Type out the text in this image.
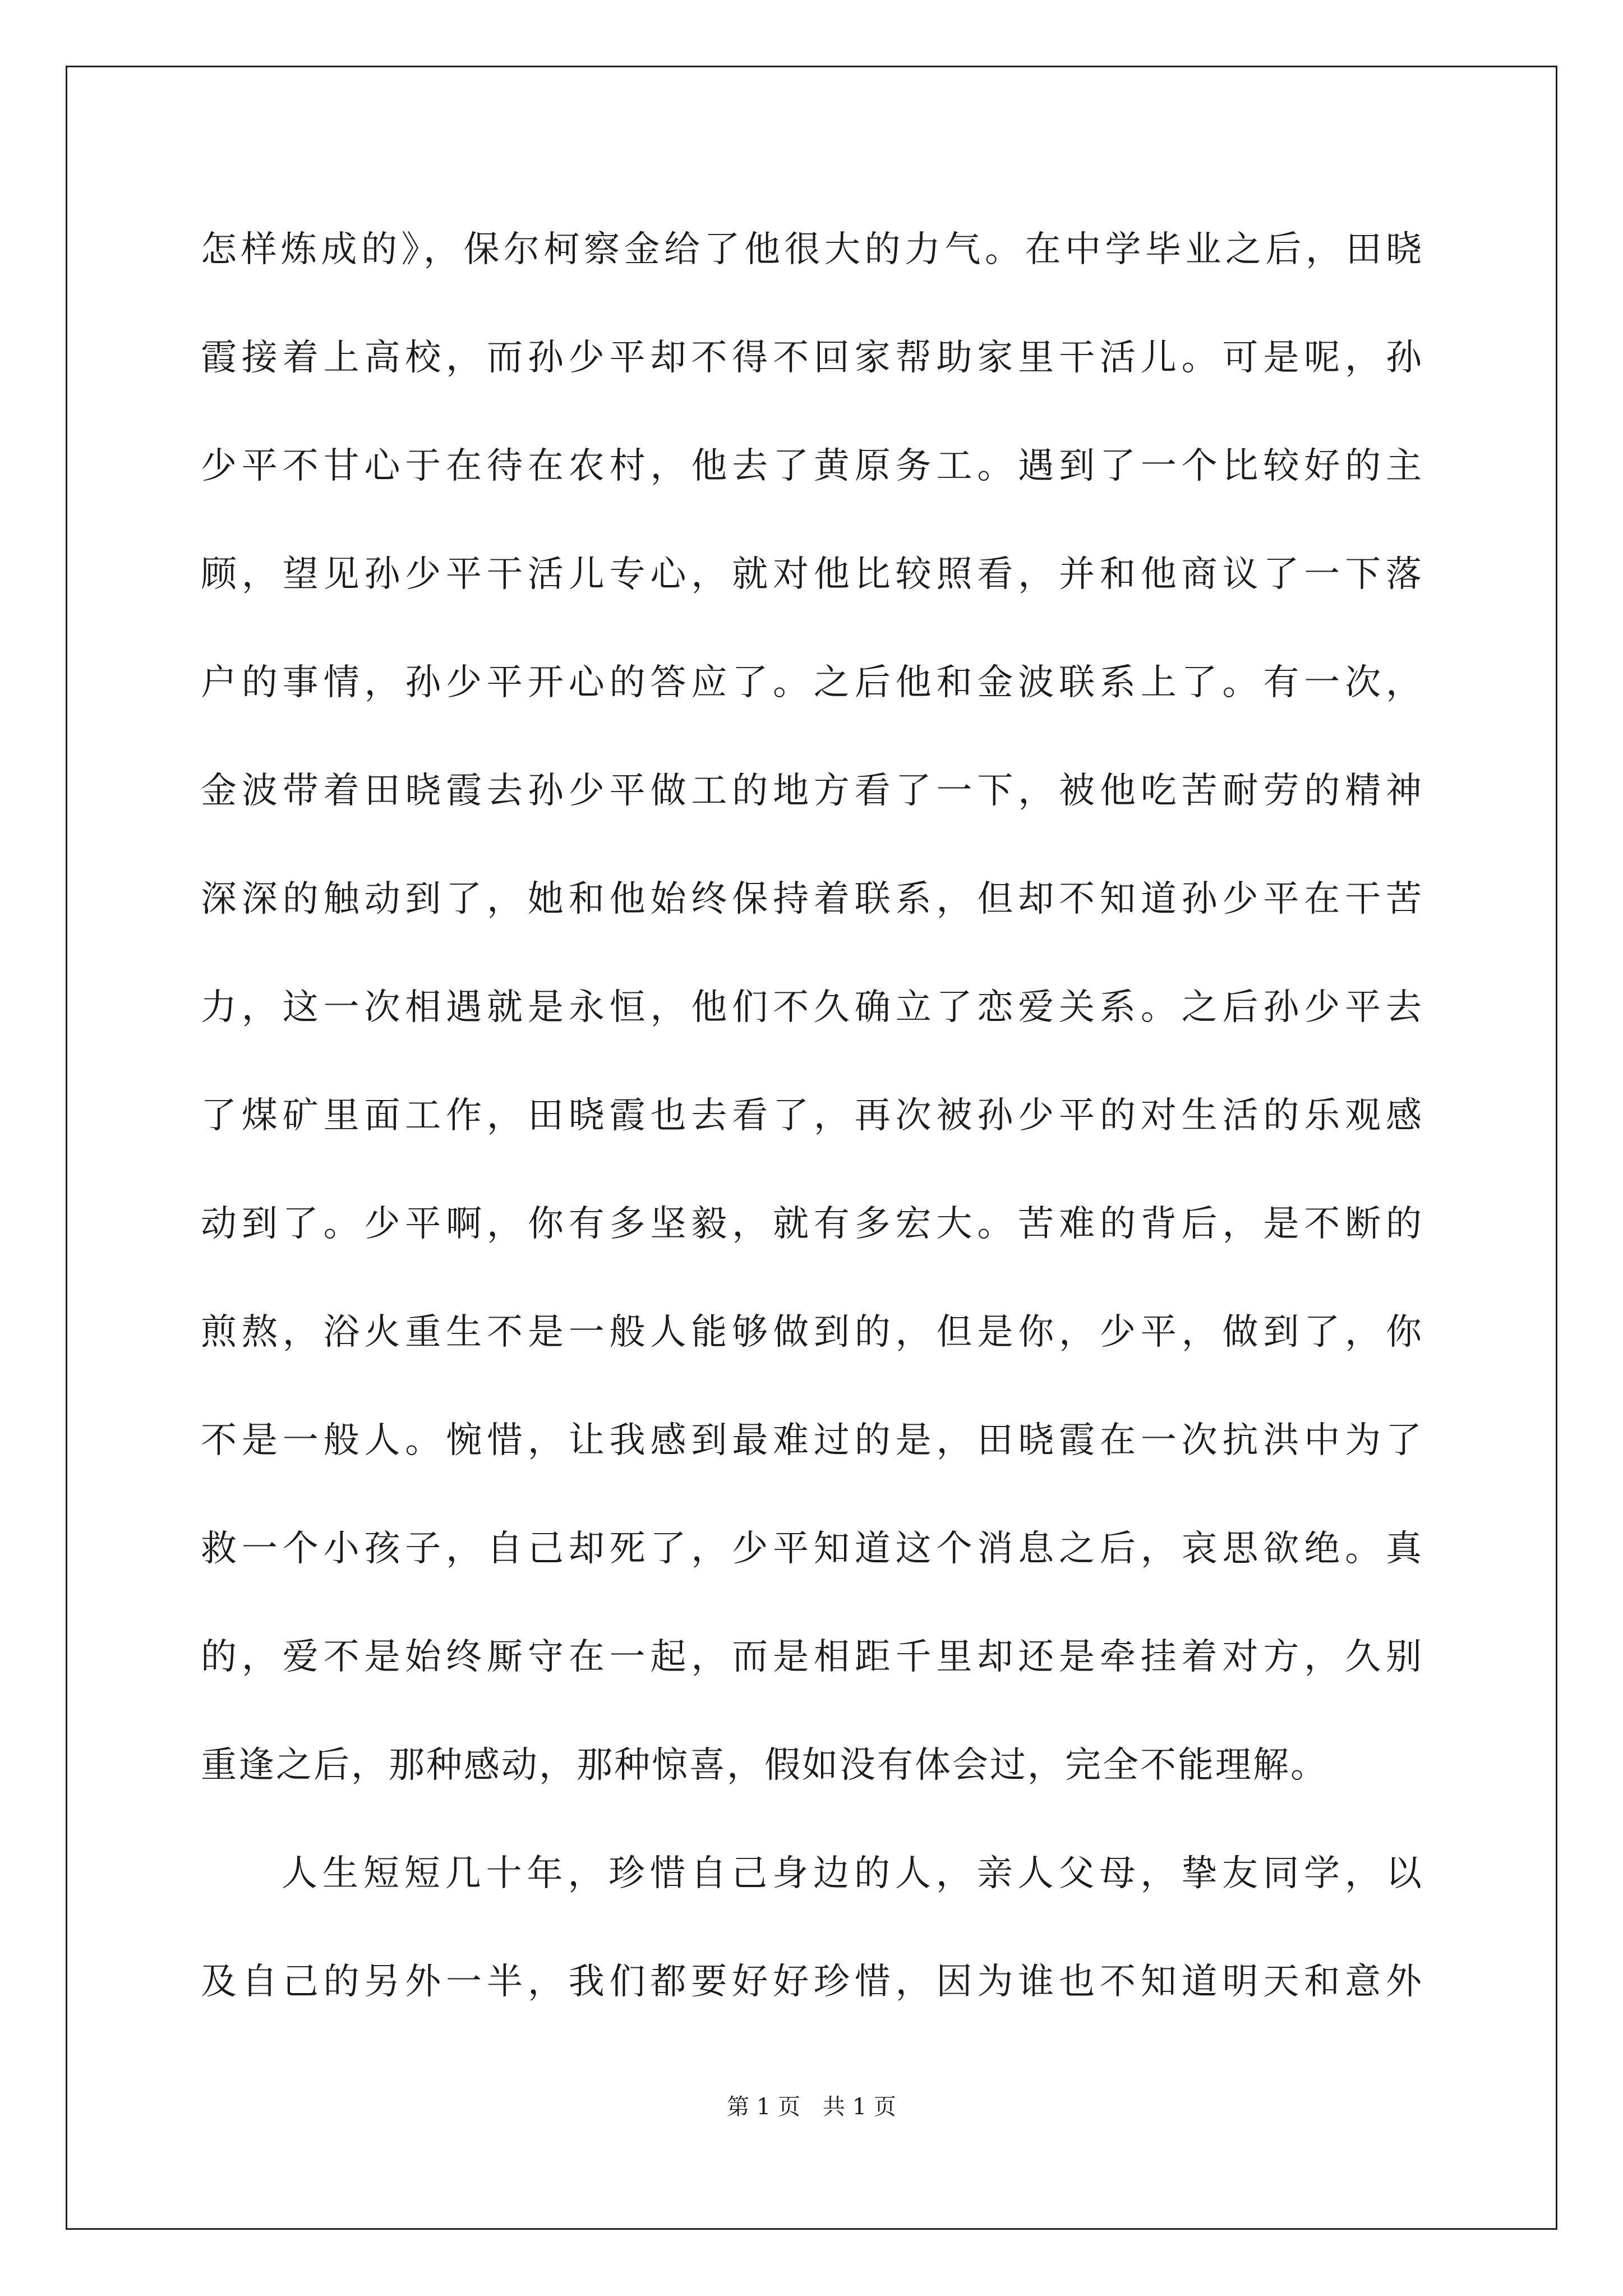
怎样炼成的》，保尔柯察金给了他很大的力气。在中学毕业之后，田晓
霞接着上高校，而孙少平却不得不回家帮助家里干活儿。可是呢，孙
少平不甘心于在待在农村，他去了黄原务工。遇到了一个比较好的主
顾，望见孙少平干活儿专心，就对他比较照看，并和他商议了一下落
户的事情，孙少平开心的答应了。之后他和金波联系上了。有一次，
金波带着田晓霞去孙少平做工的地方看了一下，被他吃苦耐劳的精神
深深的触动到了，她和他始终保持着联系，但却不知道孙少平在干苦
力，这一次相遇就是永恒，他们不久确立了恋爱关系。之后孙少平去
了煤矿里面工作，田晓霞也去看了，再次被孙少平的对生活的乐观感
动到了。少平啊，你有多坚毅，就有多宏大。苦难的背后，是不断的
煎熬，浴火重生不是一般人能够做到的，但是你，少平，做到了，你
不是一般人。惋惜，让我感到最难过的是，田晓霞在一次抗洪中为了
救一个小孩子，自己却死了，少平知道这个消息之后，哀思欲绝。真
的，爱不是始终厮守在一起，而是相距千里却还是牵挂着对方，久别
重逢之后，那种感动，那种惊喜，假如没有体会过，完全不能理解。
人生短短几十年，珍惜自己身边的人，亲人父母，挚友同学，以
及自己的另外一半，我们都要好好珍惜，因为谁也不知道明天和意外
第 1 页 共 1 页
